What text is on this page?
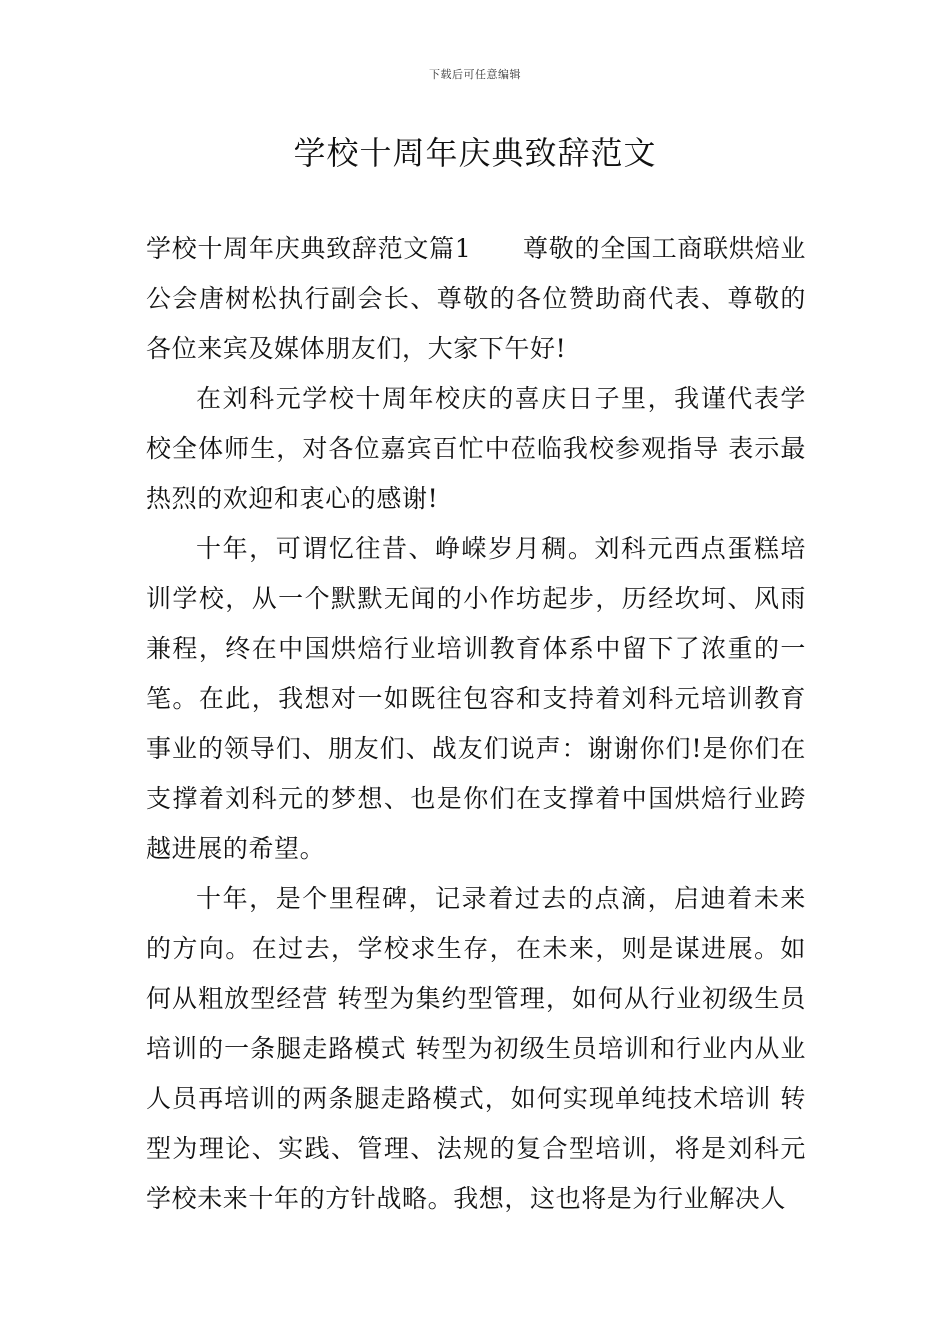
下载后可任意编辑
学校十周年庆典致辞范文

学校十周年庆典致辞范文篇1　　尊敬的全国工商联烘焙业公会唐树松执行副会长、尊敬的各位赞助商代表、尊敬的各位来宾及媒体朋友们，大家下午好!

在刘科元学校十周年校庆的喜庆日子里，我谨代表学校全体师生，对各位嘉宾百忙中莅临我校参观指导 表示最热烈的欢迎和衷心的感谢!

十年，可谓忆往昔、峥嵘岁月稠。刘科元西点蛋糕培训学校，从一个默默无闻的小作坊起步，历经坎坷、风雨兼程，终在中国烘焙行业培训教育体系中留下了浓重的一笔。在此，我想对一如既往包容和支持着刘科元培训教育事业的领导们、朋友们、战友们说声：谢谢你们!是你们在支撑着刘科元的梦想、也是你们在支撑着中国烘焙行业跨越进展的希望。

十年，是个里程碑，记录着过去的点滴，启迪着未来的方向。在过去，学校求生存，在未来，则是谋进展。如何从粗放型经营 转型为集约型管理，如何从行业初级生员培训的一条腿走路模式 转型为初级生员培训和行业内从业人员再培训的两条腿走路模式，如何实现单纯技术培训 转型为理论、实践、管理、法规的复合型培训，将是刘科元学校未来十年的方针战略。我想，这也将是为行业解决人
